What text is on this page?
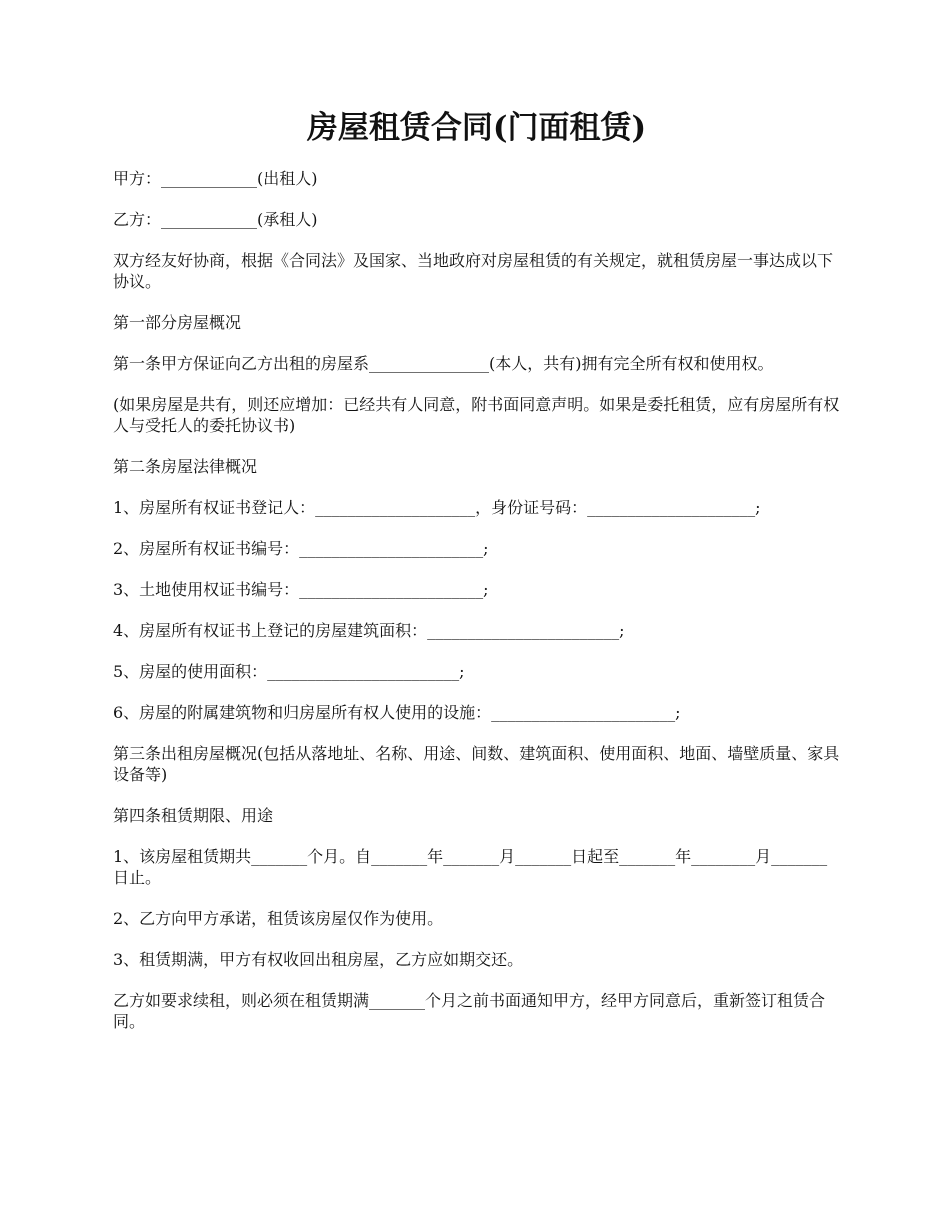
房屋租赁合同(门面租赁)

甲方：____________(出租人)

乙方：____________(承租人)

双方经友好协商，根据《合同法》及国家、当地政府对房屋租赁的有关规定，就租赁房屋一事达成以下协议。

第一部分房屋概况

第一条甲方保证向乙方出租的房屋系_______________(本人，共有)拥有完全所有权和使用权。

(如果房屋是共有，则还应增加：已经共有人同意，附书面同意声明。如果是委托租赁，应有房屋所有权人与受托人的委托协议书)

第二条房屋法律概况

1、房屋所有权证书登记人：____________________，身份证号码：_____________________;

2、房屋所有权证书编号：_______________________;

3、土地使用权证书编号：_______________________;

4、房屋所有权证书上登记的房屋建筑面积：________________________;

5、房屋的使用面积：________________________;

6、房屋的附属建筑物和归房屋所有权人使用的设施：_______________________;

第三条出租房屋概况(包括从落地址、名称、用途、间数、建筑面积、使用面积、地面、墙壁质量、家具设备等)

第四条租赁期限、用途

1、该房屋租赁期共_______个月。自_______年_______月_______日起至_______年________月_______日止。

2、乙方向甲方承诺，租赁该房屋仅作为使用。

3、租赁期满，甲方有权收回出租房屋，乙方应如期交还。

乙方如要求续租，则必须在租赁期满_______个月之前书面通知甲方，经甲方同意后，重新签订租赁合同。
